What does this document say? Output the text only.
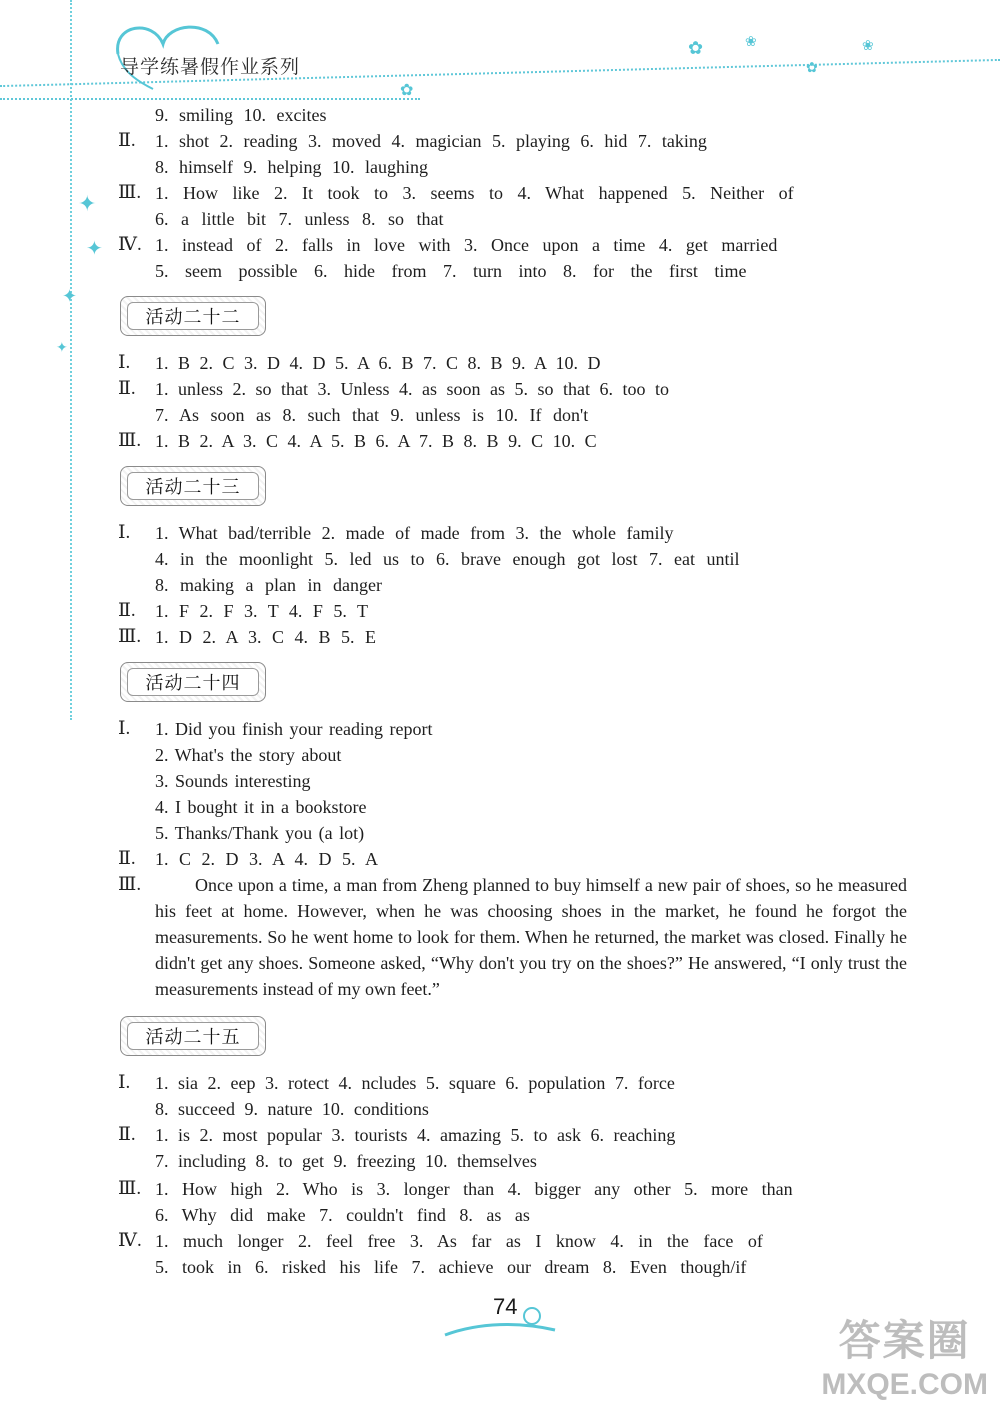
导学练暑假作业系列
✿	❀
✿
❀
✿
✦
✦
✦
✦
9. smiling 10. excites
Ⅱ. 1. shot 2. reading 3. moved 4. magician 5. playing 6. hid 7. taking
8. himself 9. helping 10. laughing
Ⅲ. 1. How like 2. It took to 3. seems to 4. What happened 5. Neither of
6. a little bit 7. unless 8. so that
Ⅳ. 1. instead of 2. falls in love with 3. Once upon a time 4. get married
5. seem possible 6. hide from 7. turn into 8. for the first time
活动二十二
Ⅰ. 1. B 2. C 3. D 4. D 5. A 6. B 7. C 8. B 9. A 10. D
Ⅱ. 1. unless 2. so that 3. Unless 4. as soon as 5. so that 6. too to
7. As soon as 8. such that 9. unless is 10. If don't
Ⅲ. 1. B 2. A 3. C 4. A 5. B 6. A 7. B 8. B 9. C 10. C
活动二十三
Ⅰ. 1. What bad/terrible 2. made of made from 3. the whole family
4. in the moonlight 5. led us to 6. brave enough got lost 7. eat until
8. making a plan in danger
Ⅱ. 1. F 2. F 3. T 4. F 5. T
Ⅲ. 1. D 2. A 3. C 4. B 5. E
活动二十四
Ⅰ. 1. Did you finish your reading report
2. What's the story about
3. Sounds interesting
4. I bought it in a bookstore
5. Thanks/Thank you (a lot)
Ⅱ. 1. C 2. D 3. A 4. D 5. A
Ⅲ.	Once upon a time, a man from Zheng planned to buy himself a new pair of shoes, so he measured his feet at home. However, when he was choosing shoes in the market, he found he forgot the measurements. So he went home to look for them. When he returned, the market was closed. Finally he didn't get any shoes. Someone asked, “Why don't you try on the shoes?” He answered, “I only trust the measurements instead of my own feet.”
活动二十五
Ⅰ. 1. sia 2. eep 3. rotect 4. ncludes 5. square 6. population 7. force
8. succeed 9. nature 10. conditions
Ⅱ. 1. is 2. most popular 3. tourists 4. amazing 5. to ask 6. reaching
7. including 8. to get 9. freezing 10. themselves
Ⅲ. 1. How high 2. Who is 3. longer than 4. bigger any other 5. more than
6. Why did make 7. couldn't find 8. as as
Ⅳ. 1. much longer 2. feel free 3. As far as I know 4. in the face of
5. took in 6. risked his life 7. achieve our dream 8. Even though/if
74
答案圈
MXQE.COM
